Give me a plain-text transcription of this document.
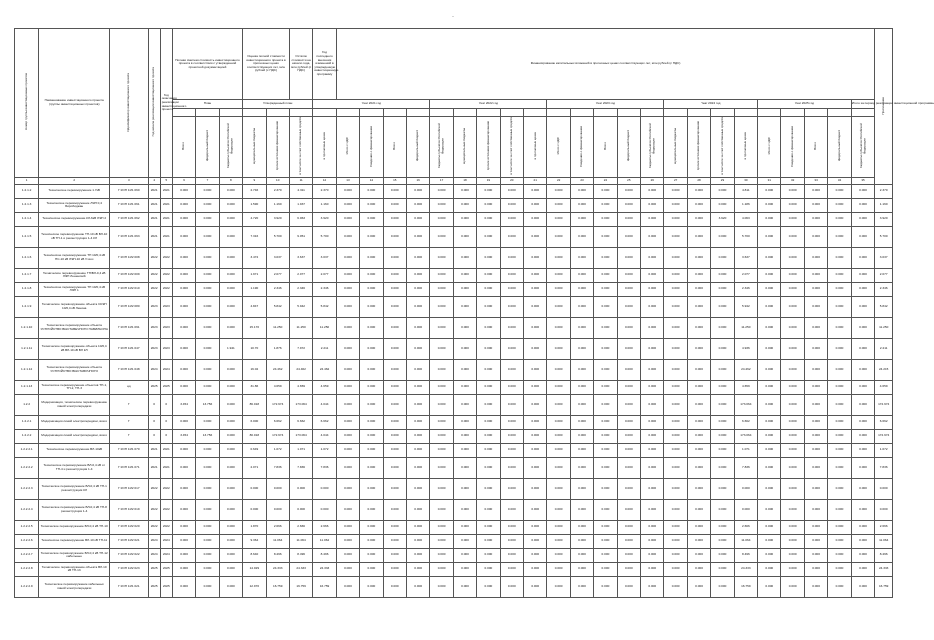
·
Номер группы инвестиционных проектов	Наименование инвестиционного проекта (группы инвестиционных проектов)	Идентификатор инвестиционного проекта	Год начала реализации инвестиционного проекта	Год окончания реализации инвестиционного проекта	Полная сметная стоимость инвестиционного проекта в соответствии с утвержденной проектной документацией			Оценка полной стоимости инвестиционного проекта в прогнозных ценах соответствующих лет, млн рублей (с НДС)		Остаток стоимости на начало года, млн рублей (с НДС)	Год последнего внесения изменений в утвержденную инвестиционную программу	Финансирование капитальных вложений в прогнозных ценах соответствующих лет, млн рублей (с НДС)																							Приложение
					План			Утвержденный план			Year 2021 год					Year 2022 год					Year 2023 год					Year 2024 год				Year 2025 год				Итого за период реализации инвестиционной программы	

					Всего	федеральный бюджет	бюджеты субъектов Российской Федерации	муниципальные бюджеты	прочие источники финансирования	в том числе за счет собственных средств	в прогнозных ценах	Итого с НДС	Сведения о финансировании	Всего	федеральный бюджет	бюджеты субъектов Российской Федерации	муниципальные бюджеты	прочие источники финансирования	в том числе за счет собственных средств	в прогнозных ценах	Итого с НДС	Сведения о финансировании	Всего	федеральный бюджет	бюджеты субъектов Российской Федерации	муниципальные бюджеты	прочие источники финансирования	в том числе за счет собственных средств	в прогнозных ценах	Итого с НДС	Сведения о финансировании	Всего	федеральный бюджет	бюджеты субъектов Российской Федерации	
1	2	3	4	5	6	7	8	9	10	11	12	13	14	15	16	17	18	19	20	21	22	23	24	25	26	27	28	29	30	31	32	33	34	35	
1.2.1.2	Техническое перевооружение 1.7кВ	Г КОН 1И1 060	2021	2021	0.000	0.000	0.000	2.746	2.370	4.311	2.370	0.000	0.000	0.000	0.000	0.000	0.000	0.000	0.000	0.000	0.000	0.000	0.000	0.000	0.000	0.000	0.000	0.000	4.811	0.000	0.000	0.000	0.000	0.000	2.370
1.2.1.3	Техническое перевооружение ЛЭП 0,4 Биробиджан	Г КОН 1И1 061	2021	2021	0.000	0.000	0.000	1.590	1.160	1.937	1.160	0.000	0.000	0.000	0.000	0.000	0.000	0.000	0.000	0.000	0.000	0.000	0.000	0.000	0.000	0.000	0.000	0.000	1.186	0.000	0.000	0.000	0.000	0.000	1.160
1.2.1.4	Техническое перевооружение КЛ-6кВ ЛЭП 2	Г КОН 1И1 062	2021	2021	0.000	0.000	0.000	4.720	3.920	6.063	3.920	0.000	0.000	0.000	0.000	0.000	0.000	0.000	0.000	0.000	0.000	0.000	0.000	0.000	0.000	0.000	0.000	3.920	4.063	0.000	0.000	0.000	0.000	0.000	3.920
1.2.1.5	Техническое перевооружение ТП-10 кВ ВЛ-10 кВ ТП-1 и реконструкция 1-4 КЛ	Г КОН 1И1 063	2021	2021	0.000	0.000	0.000	7.316	5.700	9.051	5.700	0.000	0.000	0.000	0.000	0.000	0.000	0.000	0.000	0.000	0.000	0.000	0.000	0.000	0.000	0.000	0.000	0.000	5.700	0.000	0.000	0.000	0.000	0.000	5.700
1.2.1.6	Техническое перевооружение ТП 10/0,4 кВ ПС-10 кВ ЛЭП-10 кВ Учхоз	Г КОН 1И2 008	2022	2022	0.000	0.000	0.000	3.472	3.037	3.637	3.037	0.000	0.000	0.000	0.000	0.000	0.000	0.000	0.000	0.000	0.000	0.000	0.000	0.000	0.000	0.000	0.000	0.000	3.637	0.000	0.000	0.000	0.000	0.000	3.037
1.2.1.7	Техническое перевооружение ТП/ВЛ-0,4 кВ ЛЭП Лененский	Г КОН 1И2 009	2022	2022	0.000	0.000	0.000	1.971	2.077	2.077	2.077	0.000	0.000	0.000	0.000	0.000	0.000	0.000	0.000	0.000	0.000	0.000	0.000	0.000	0.000	0.000	0.000	0.000	2.077	0.000	0.000	0.000	0.000	0.000	2.077
1.2.1.8	Техническое перевооружение ТП 10/0,4 кВ ЛЭП 1	Г КОН 1И2 010	2022	2022	0.000	0.000	0.000	1.190	2.346	2.346	2.346	0.000	0.000	0.000	0.000	0.000	0.000	0.000	0.000	0.000	0.000	0.000	0.000	0.000	0.000	0.000	0.000	0.000	2.346	0.000	0.000	0.000	0.000	0.000	2.346
1.2.1.9	Техническое перевооружение объекта СКЭП 10/0,4 кВ Ленина	Г КОН 1И2 080	2023	2023	0.000	0.000	0.000	4.847	5.842	5.942	5.842	0.000	0.000	0.000	0.000	0.000	0.000	0.000	0.000	0.000	0.000	0.000	0.000	0.000	0.000	0.000	0.000	0.000	5.942	0.000	0.000	0.000	0.000	0.000	5.842
1.2.1.10	Техническое перевооружение объекта УСТРОЙСТВО ВЫСТАВЕЧНОГО ПАВИЛЬОНА	Г КОН 1И1 091	2023	2023	0.000	0.000	0.000	15.170	11.250	11.250	11.250	0.000	0.000	0.000	0.000	0.000	0.000	0.000	0.000	0.000	0.000	0.000	0.000	0.000	0.000	0.000	0.000	0.000	11.250	0.000	0.000	0.000	0.000	0.000	11.250
1.2.1.11	Техническое перевооружение объекта 10/0,4 кВ ВЛ-10 кВ ВЛ КЛ	Г КОН 1И1 047	2023	2023	0.000	0.000	1.941	10.70	1.876	7.972	2.211	0.000	0.000	0.000	0.000	0.000	0.000	0.000	0.000	0.000	0.000	0.000	0.000	0.000	0.000	0.000	0.000	0.000	4.936	0.000	0.000	0.000	0.000	0.000	2.211
1.2.1.12	Техническое перевооружение объекта УСТРОЙСТВО ВЫСТАВОЧНОГО	Г КОН 1И1 048	2024	2024	0.000	0.000	0.000	16.02	24.462	24.462	24.462	0.000	0.000	0.000	0.000	0.000	0.000	0.000	0.000	0.000	0.000	0.000	0.000	0.000	0.000	0.000	0.000	0.000	24.462	0.000	0.000	0.000	0.000	0.000	24.215
1.2.1.13	Техническое перевооружение объектов ТП-1, ТП-2, ТП-3	нд	2025	2025	0.000	0.000	0.000	31.86	4.659	4.659	4.659	0.000	0.000	0.000	0.000	0.000	0.000	0.000	0.000	0.000	0.000	0.000	0.000	0.000	0.000	0.000	0.000	0.000	4.659	0.000	0.000	0.000	0.000	0.000	4.659
1.2.2	Модернизация, техническое перевооружение линий электропередачи	Г	0	0	3.454	13.756	0.000	86.018	172.974	173.064	4.044	0.000	0.000	0.000	0.000	0.000	0.000	0.000	0.000	0.000	0.000	0.000	0.000	0.000	0.000	0.000	0.000	0.000	173.064	0.000	0.000	0.000	0.000	0.000	172.974
1.2.2.1	Модернизация линий электропередачи, всего	Г	0	0	0.000	0.000	0.000	6.000	6.662	6.662	6.662	0.000	0.000	0.000	0.000	0.000	0.000	0.000	0.000	0.000	0.000	0.000	0.000	0.000	0.000	0.000	0.000	0.000	6.662	0.000	0.000	0.000	0.000	0.000	6.662
1.2.2.2	Модернизация линий электропередачи, всего	Г	0	0	3.454	13.756	0.000	80.018	172.974	173.064	4.044	0.000	0.000	0.000	0.000	0.000	0.000	0.000	0.000	0.000	0.000	0.000	0.000	0.000	0.000	0.000	0.000	0.000	173.064	0.000	0.000	0.000	0.000	0.000	172.974
1.2.2.2.1	Техническое перевооружение ВЛ-10кВ	Г КОН 1И1 070	2021	2021	0.000	0.000	0.000	0.649	1.072	1.071	1.072	0.000	0.000	0.000	0.000	0.000	0.000	0.000	0.000	0.000	0.000	0.000	0.000	0.000	0.000	0.000	0.000	0.000	1.071	0.000	0.000	0.000	0.000	0.000	1.072
1.2.2.2.2	Техническое перевооружение ВЛ-0,4 кВ от ТП-4 и реконструкция 1-4	Г КОН 1И1 071	2021	2021	0.000	0.000	0.000	2.071	7.836	7.836	7.836	0.000	0.000	0.000	0.000	0.000	0.000	0.000	0.000	0.000	0.000	0.000	0.000	0.000	0.000	0.000	0.000	0.000	7.836	0.000	0.000	0.000	0.000	0.000	7.836
1.2.2.2.3	Техническое перевооружение ВЛ-0,4 кВ ТП-1 реконструкция КЛ	Г КОН 1И2 017	2022	2022	0.000	0.000	0.000	0.000	0.000	0.000	0.000	0.000	0.000	0.000	0.000	0.000	0.000	0.000	0.000	0.000	0.000	0.000	0.000	0.000	0.000	0.000	0.000	0.000	0.000	0.000	0.000	0.000	0.000	0.000	0.000
1.2.2.2.4	Техническое перевооружение ВЛ-0,4 кВ ТП-8 реконструкция 1-4	Г КОН 1И2 019	2022	2022	0.000	0.000	0.000	0.000	0.000	0.000	0.000	0.000	0.000	0.000	0.000	0.000	0.000	0.000	0.000	0.000	0.000	0.000	0.000	0.000	0.000	0.000	0.000	0.000	0.000	0.000	0.000	0.000	0.000	0.000	0.000
1.2.2.2.5	Техническое перевооружение ВЛ-0,4 кВ ТП-10	Г КОН 1И2 020	2022	2022	0.000	0.000	0.000	1.870	2.666	2.666	2.666	0.000	0.000	0.000	0.000	0.000	0.000	0.000	0.000	0.000	0.000	0.000	0.000	0.000	0.000	0.000	0.000	0.000	2.666	0.000	0.000	0.000	0.000	0.000	2.666
1.2.2.2.6	Техническое перевооружение ВЛ-10 кВ ТП-11	Г КОН 1И2 021	2024	2024	0.000	0.000	0.000	9.364	11.064	11.064	11.064	0.000	0.000	0.000	0.000	0.000	0.000	0.000	0.000	0.000	0.000	0.000	0.000	0.000	0.000	0.000	0.000	0.000	11.064	0.000	0.000	0.000	0.000	0.000	11.064
1.2.2.2.7	Техническое перевооружение ВЛ-0,4 кВ ТП-12 кабельные	Г КОН 1И2 022	2024	2024	0.000	0.000	0.000	8.640	8.496	8.496	8.496	0.000	0.000	0.000	0.000	0.000	0.000	0.000	0.000	0.000	0.000	0.000	0.000	0.000	0.000	0.000	0.000	0.000	8.496	0.000	0.000	0.000	0.000	0.000	8.496
1.2.2.2.8	Техническое перевооружение объекта ВЛ-10 кВ ТП-13	Г КОН 1И2 023	2025	2025	0.000	0.000	0.000	14.029	24.333	24.333	24.333	0.000	0.000	0.000	0.000	0.000	0.000	0.000	0.000	0.000	0.000	0.000	0.000	0.000	0.000	0.000	0.000	0.000	24.333	0.000	0.000	0.000	0.000	0.000	24.333
1.2.2.2.9	Техническое перевооружение кабельных линий электропередачи	Г КОН 1И1 021	2025	2025	0.000	0.000	0.000	12.970	16.759	16.759	16.759	0.000	0.000	0.000	0.000	0.000	0.000	0.000	0.000	0.000	0.000	0.000	0.000	0.000	0.000	0.000	0.000	0.000	16.759	0.000	0.000	0.000	0.000	0.000	16.759
